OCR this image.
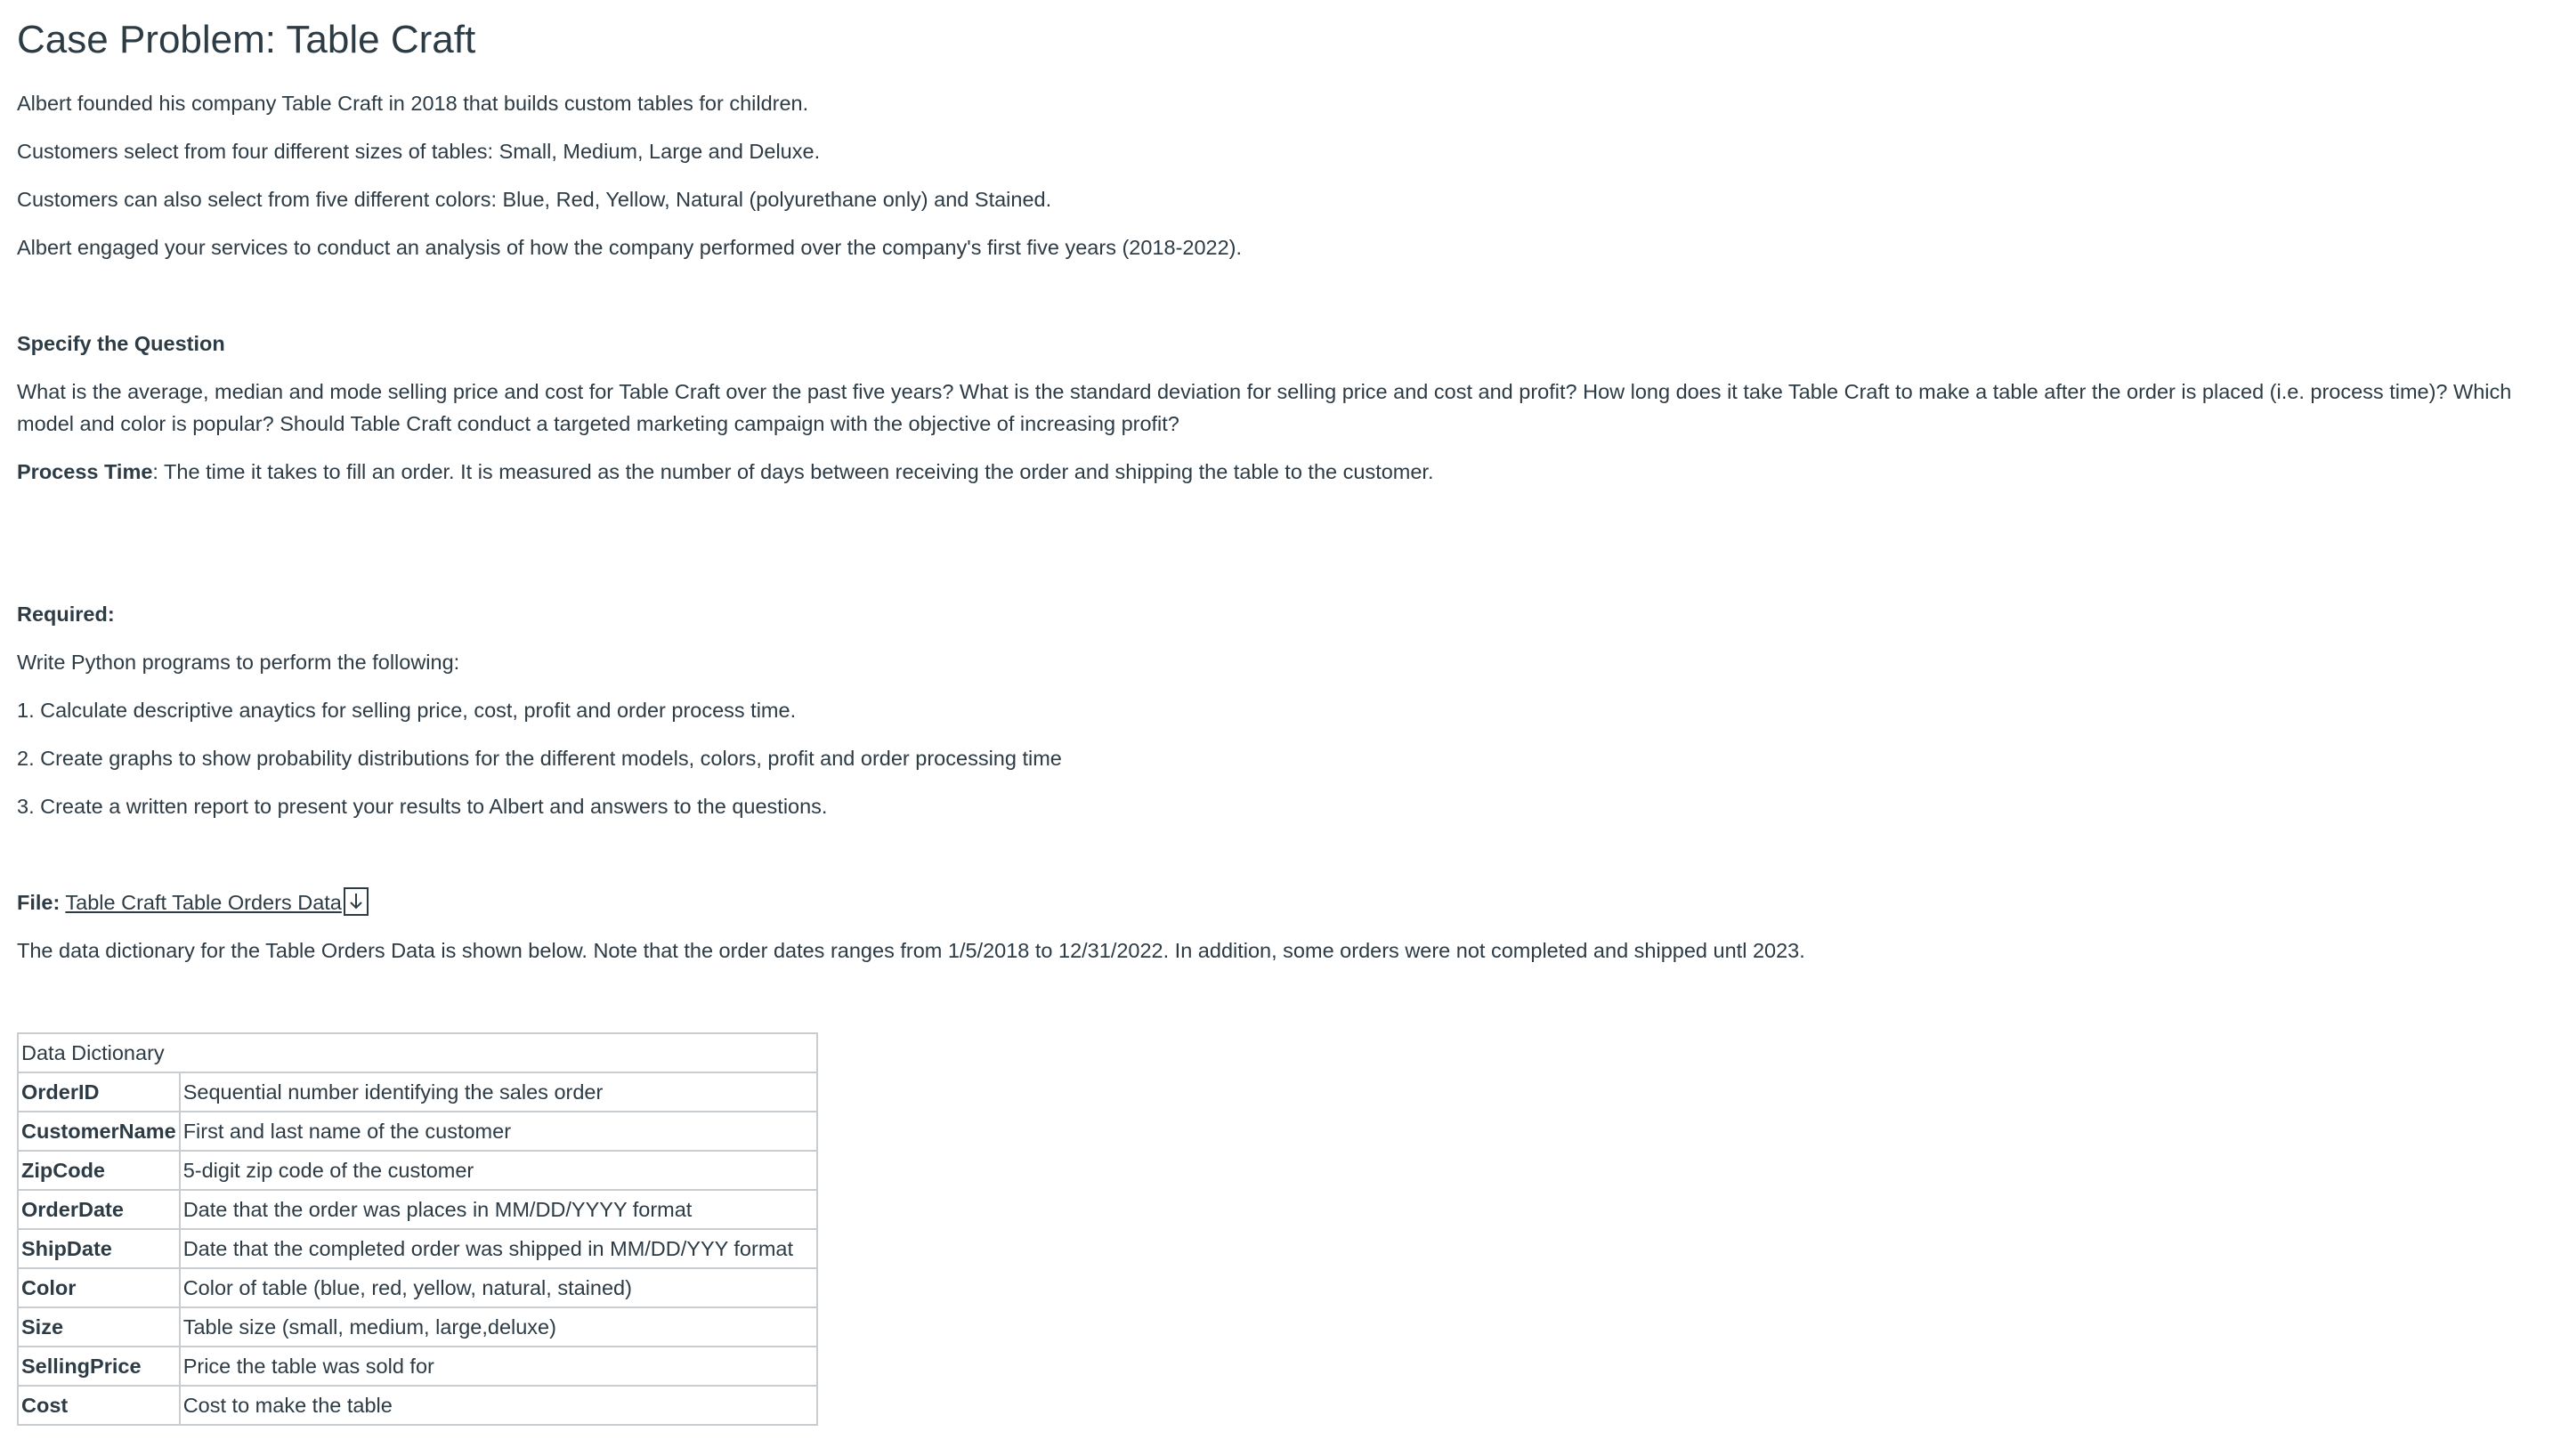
Case Problem: Table Craft

Albert founded his company Table Craft in 2018 that builds custom tables for children.

Customers select from four different sizes of tables: Small, Medium, Large and Deluxe.

Customers can also select from five different colors: Blue, Red, Yellow, Natural (polyurethane only) and Stained.

Albert engaged your services to conduct an analysis of how the company performed over the company's first five years (2018-2022).

Specify the Question

What is the average, median and mode selling price and cost for Table Craft over the past five years? What is the standard deviation for selling price and cost and profit? How long does it take Table Craft to make a table after the order is placed (i.e. process time)? Which model and color is popular? Should Table Craft conduct a targeted marketing campaign with the objective of increasing profit?

Process Time: The time it takes to fill an order. It is measured as the number of days between receiving the order and shipping the table to the customer.

Required:

Write Python programs to perform the following:

1. Calculate descriptive anaytics for selling price, cost, profit and order process time.

2. Create graphs to show probability distributions for the different models, colors, profit and order processing time

3. Create a written report to present your results to Albert and answers to the questions.

File: Table Craft Table Orders Data

The data dictionary for the Table Orders Data is shown below. Note that the order dates ranges from 1/5/2018 to 12/31/2022. In addition, some orders were not completed and shipped untl 2023.

Data Dictionary	
OrderID	Sequential number identifying the sales order
CustomerName	First and last name of the customer
ZipCode	5-digit zip code of the customer
OrderDate	Date that the order was places in MM/DD/YYYY format
ShipDate	Date that the completed order was shipped in MM/DD/YYY format
Color	Color of table (blue, red, yellow, natural, stained)
Size	Table size (small, medium, large,deluxe)
SellingPrice	Price the table was sold for
Cost	Cost to make the table
